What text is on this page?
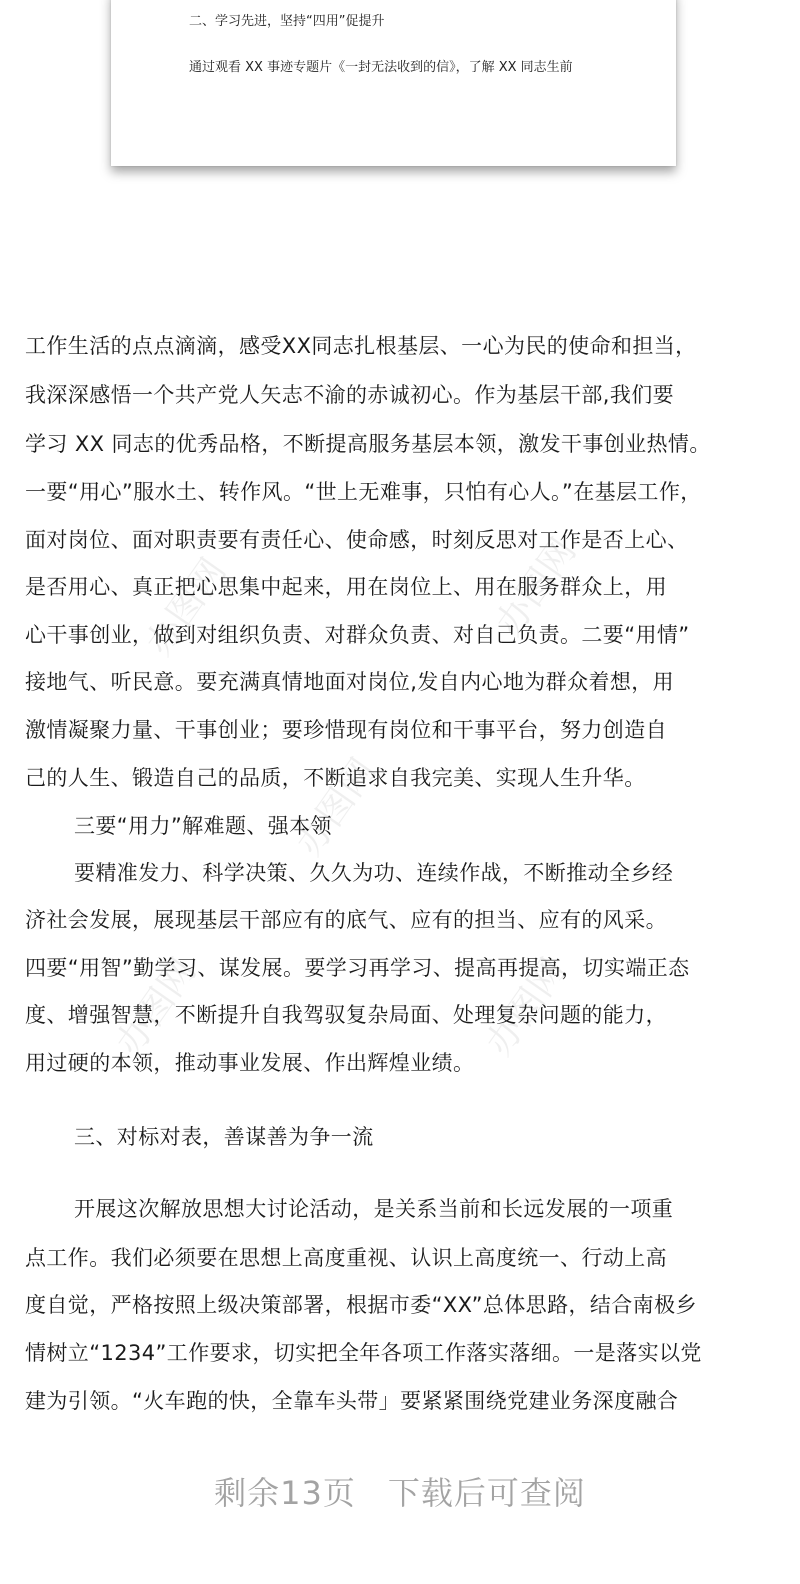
二、学习先进，坚持“四用”促提升
通过观看 XX 事迹专题片《一封无法收到的信》，了解 XX 同志生前
办图网	办图网
办图网
办图网	办图网
工作生活的点点滴滴，感受XX同志扎根基层、一心为民的使命和担当，
我深深感悟一个共产党人矢志不渝的赤诚初心。作为基层干部,我们要
学习 XX 同志的优秀品格，不断提高服务基层本领，激发干事创业热情。
一要“用心”服水土、转作风。“世上无难事，只怕有心人。”在基层工作，
面对岗位、面对职责要有责任心、使命感，时刻反思对工作是否上心、
是否用心、真正把心思集中起来，用在岗位上、用在服务群众上，用
心干事创业，做到对组织负责、对群众负责、对自己负责。二要“用情”
接地气、听民意。要充满真情地面对岗位,发自内心地为群众着想，用
激情凝聚力量、干事创业；要珍惜现有岗位和干事平台，努力创造自
己的人生、锻造自己的品质，不断追求自我完美、实现人生升华。
三要“用力”解难题、强本领
要精准发力、科学决策、久久为功、连续作战，不断推动全乡经
济社会发展，展现基层干部应有的底气、应有的担当、应有的风采。
四要“用智”勤学习、谋发展。要学习再学习、提高再提高，切实端正态
度、增强智慧，不断提升自我驾驭复杂局面、处理复杂问题的能力，
用过硬的本领，推动事业发展、作出辉煌业绩。
三、对标对表，善谋善为争一流
开展这次解放思想大讨论活动，是关系当前和长远发展的一项重
点工作。我们必须要在思想上高度重视、认识上高度统一、行动上高
度自觉，严格按照上级决策部署，根据市委“XX”总体思路，结合南极乡
情树立“1234”工作要求，切实把全年各项工作落实落细。一是落实以党
建为引领。“火车跑的快，全靠车头带」要紧紧围绕党建业务深度融合
剩余13页 下载后可查阅
